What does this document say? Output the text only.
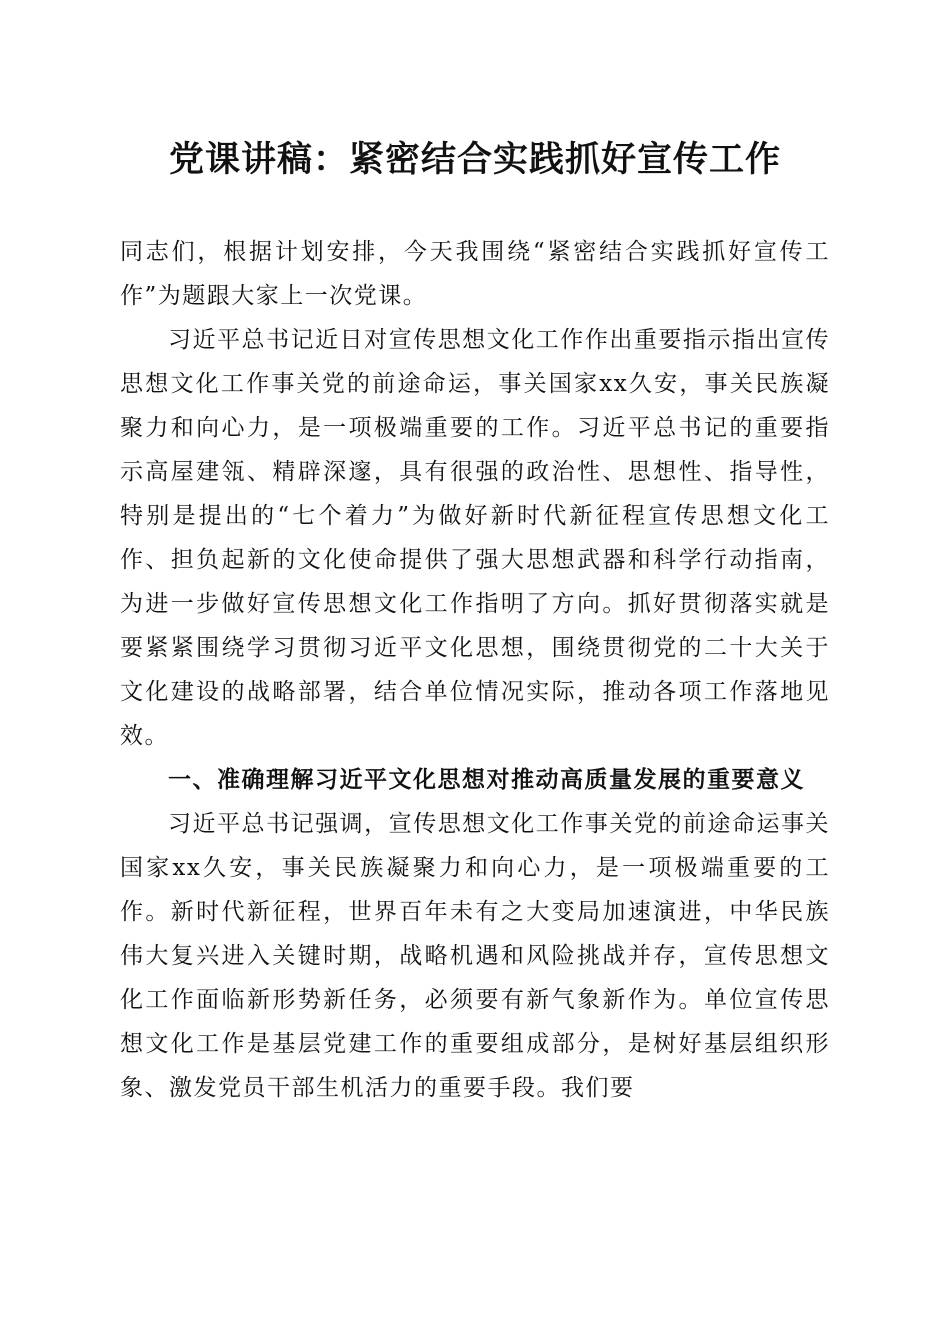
党课讲稿：紧密结合实践抓好宣传工作

同志们，根据计划安排，今天我围绕“紧密结合实践抓好宣传工作”为题跟大家上一次党课。

习近平总书记近日对宣传思想文化工作作出重要指示指出宣传思想文化工作事关党的前途命运，事关国家xx久安，事关民族凝聚力和向心力，是一项极端重要的工作。习近平总书记的重要指示高屋建瓴、精辟深邃，具有很强的政治性、思想性、指导性，特别是提出的“七个着力”为做好新时代新征程宣传思想文化工作、担负起新的文化使命提供了强大思想武器和科学行动指南，为进一步做好宣传思想文化工作指明了方向。抓好贯彻落实就是要紧紧围绕学习贯彻习近平文化思想，围绕贯彻党的二十大关于文化建设的战略部署，结合单位情况实际，推动各项工作落地见效。

一、准确理解习近平文化思想对推动高质量发展的重要意义

习近平总书记强调，宣传思想文化工作事关党的前途命运事关国家xx久安，事关民族凝聚力和向心力，是一项极端重要的工作。新时代新征程，世界百年未有之大变局加速演进，中华民族伟大复兴进入关键时期，战略机遇和风险挑战并存，宣传思想文化工作面临新形势新任务，必须要有新气象新作为。单位宣传思想文化工作是基层党建工作的重要组成部分，是树好基层组织形象、激发党员干部生机活力的重要手段。我们要
